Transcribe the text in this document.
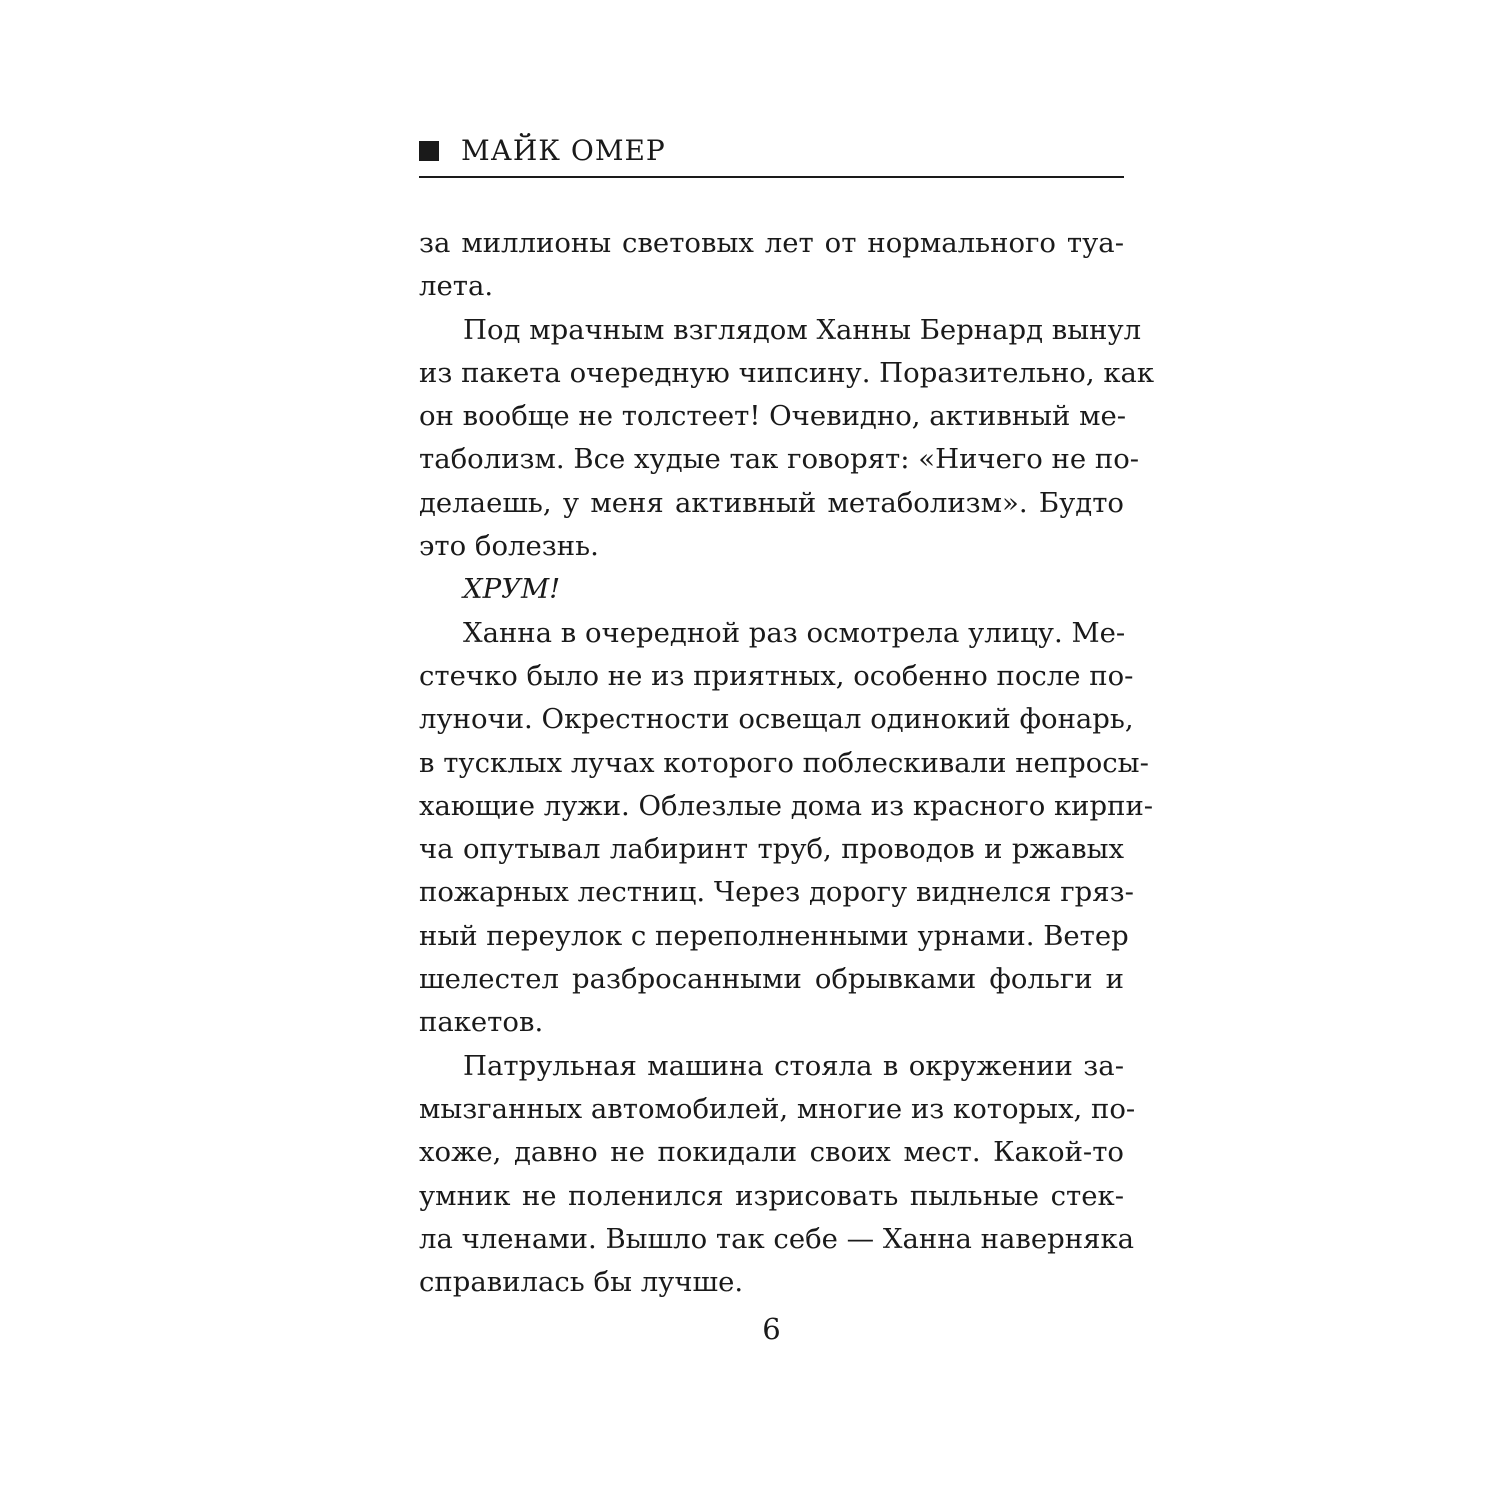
МАЙК ОМЕР
за миллионы световых лет от нормального туа-
лета.
Под мрачным взглядом Ханны Бернард вынул
из пакета очередную чипсину. Поразительно, как
он вообще не толстеет! Очевидно, активный ме-
таболизм. Все худые так говорят: «Ничего не по-
делаешь, у меня активный метаболизм». Будто
это болезнь.
ХРУМ!
Ханна в очередной раз осмотрела улицу. Ме-
стечко было не из приятных, особенно после по-
луночи. Окрестности освещал одинокий фонарь,
в тусклых лучах которого поблескивали непросы-
хающие лужи. Облезлые дома из красного кирпи-
ча опутывал лабиринт труб, проводов и ржавых
пожарных лестниц. Через дорогу виднелся гряз-
ный переулок с переполненными урнами. Ветер
шелестел разбросанными обрывками фольги и
пакетов.
Патрульная машина стояла в окружении за-
мызганных автомобилей, многие из которых, по-
хоже, давно не покидали своих мест. Какой-то
умник не поленился изрисовать пыльные стек-
ла членами. Вышло так себе — Ханна наверняка
справилась бы лучше.
6
